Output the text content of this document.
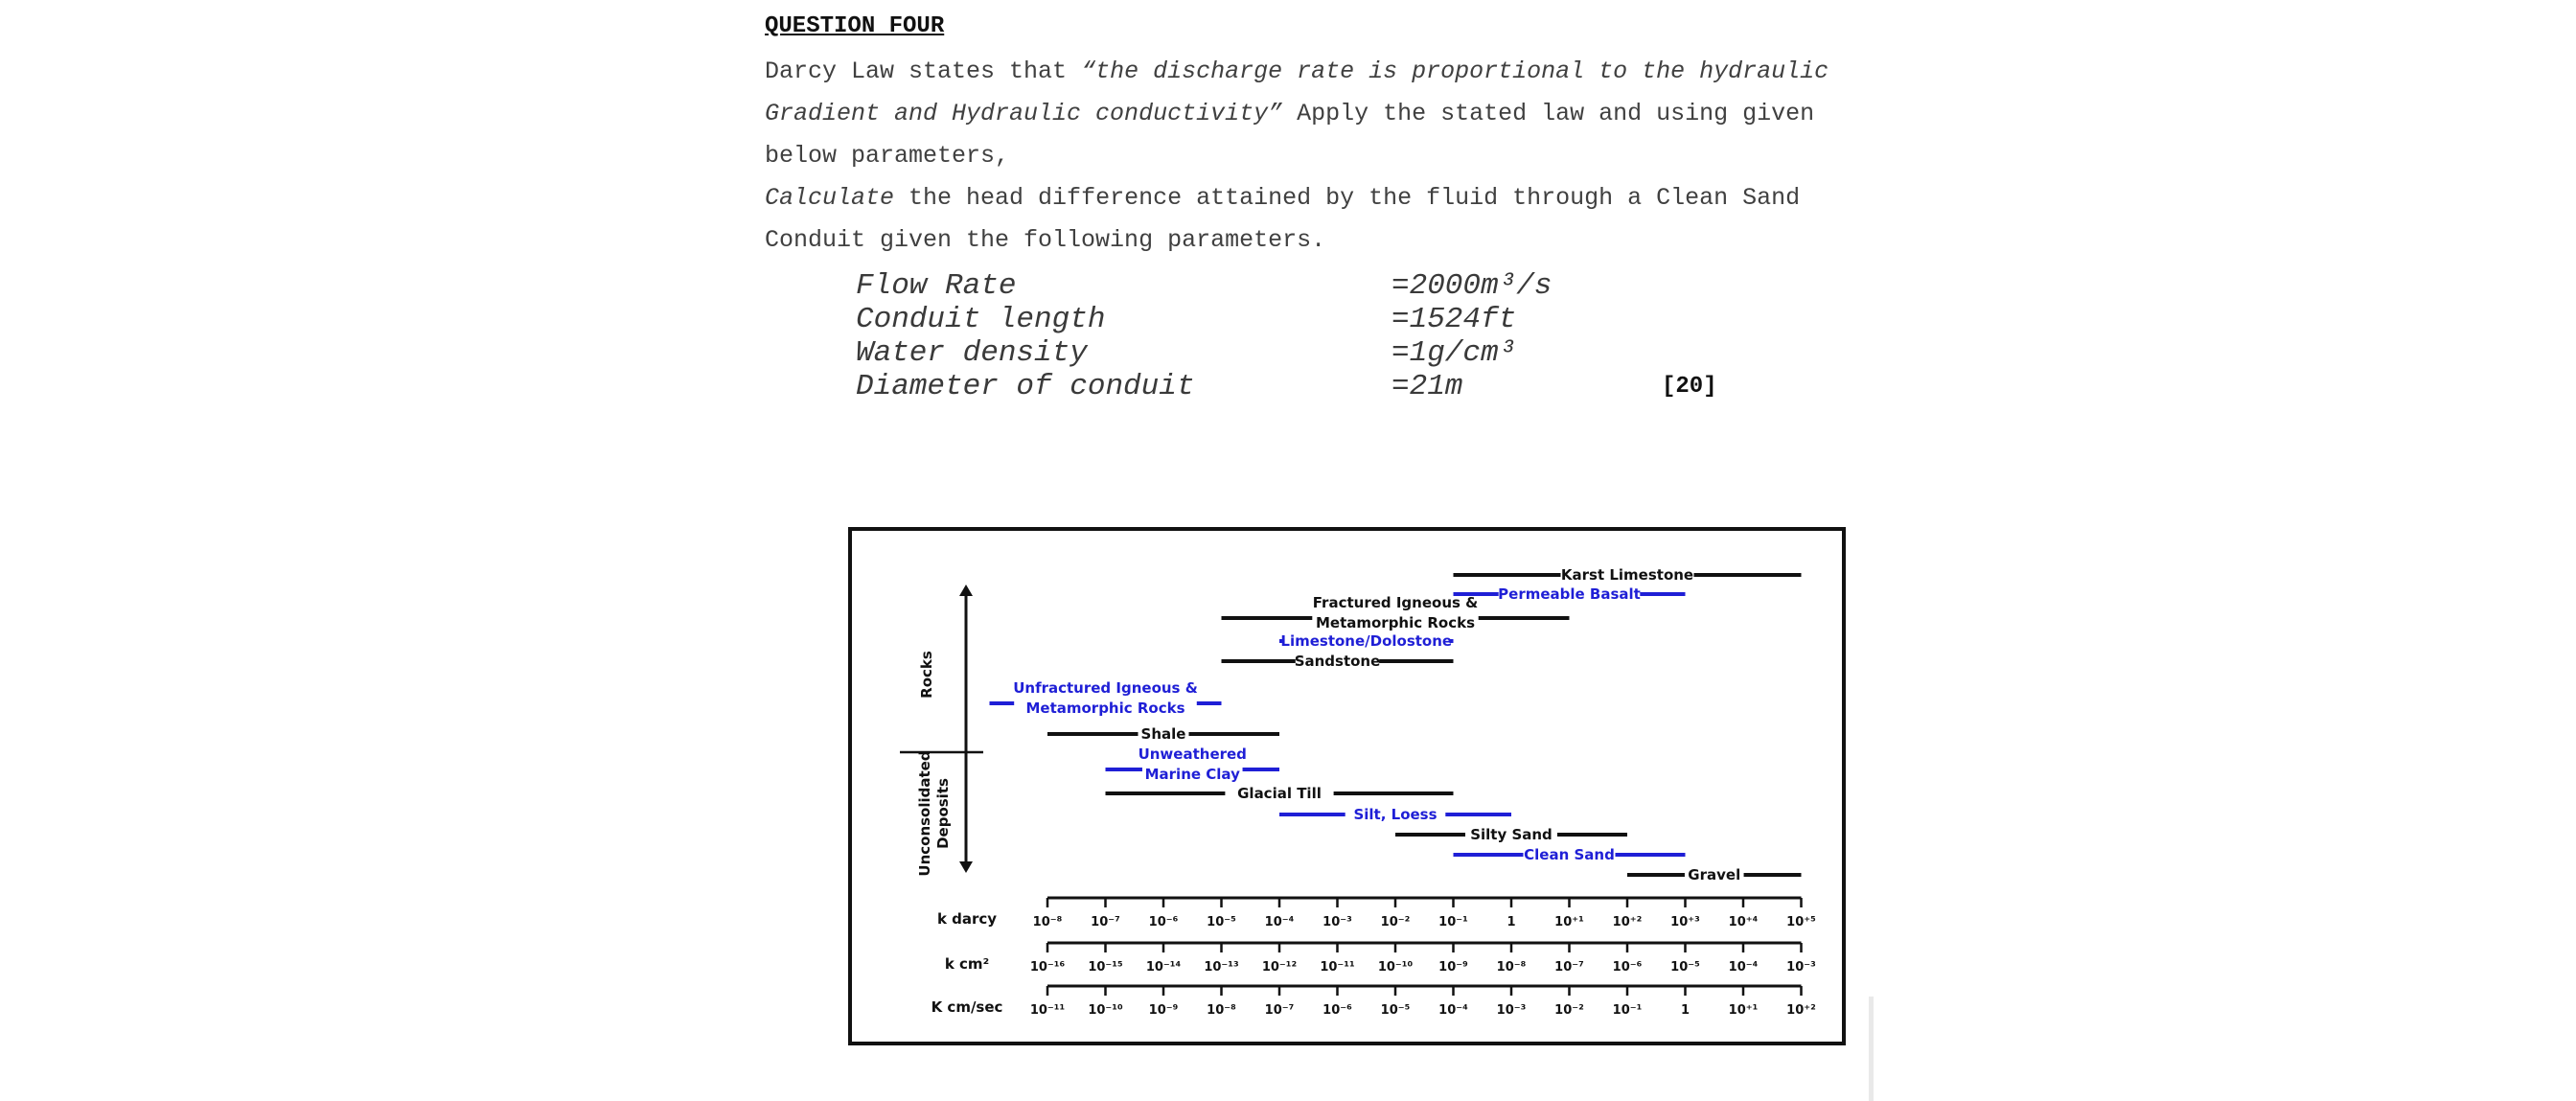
QUESTION FOUR

Darcy Law states that “the discharge rate is proportional to the hydraulic

Gradient and Hydraulic conductivity” Apply the stated law and using given

below parameters,

Calculate the head difference attained by the fluid through a Clean Sand

Conduit given the following parameters.

Flow Rate	=2000m³/s
Conduit length	=1524ft
Water density	=1g/cm³
Diameter of conduit	=21m	[20]
Karst Limestone
Permeable Basalt
Fractured Igneous &
Metamorphic Rocks
Limestone/Dolostone
Sandstone
Unfractured Igneous &
Metamorphic Rocks
Shale
Unweathered
Marine Clay
Glacial Till
Silt, Loess
Silty Sand
Clean Sand
Gravel
Rocks
Unconsolidated Deposits
10⁻⁸ 10⁻⁷ 10⁻⁶ 10⁻⁵ 10⁻⁴ 10⁻³ 10⁻² 10⁻¹	1	10⁺¹ 10⁺² 10⁺³ 10⁺⁴ 10⁺⁵
k darcy
10⁻¹⁶ 10⁻¹⁵ 10⁻¹⁴ 10⁻¹³ 10⁻¹² 10⁻¹¹ 10⁻¹⁰ 10⁻⁹ 10⁻⁸ 10⁻⁷ 10⁻⁶ 10⁻⁵ 10⁻⁴ 10⁻³
k cm²
10⁻¹¹ 10⁻¹⁰ 10⁻⁹ 10⁻⁸ 10⁻⁷ 10⁻⁶ 10⁻⁵ 10⁻⁴ 10⁻³ 10⁻² 10⁻¹	1	10⁺¹ 10⁺²
K cm/sec
